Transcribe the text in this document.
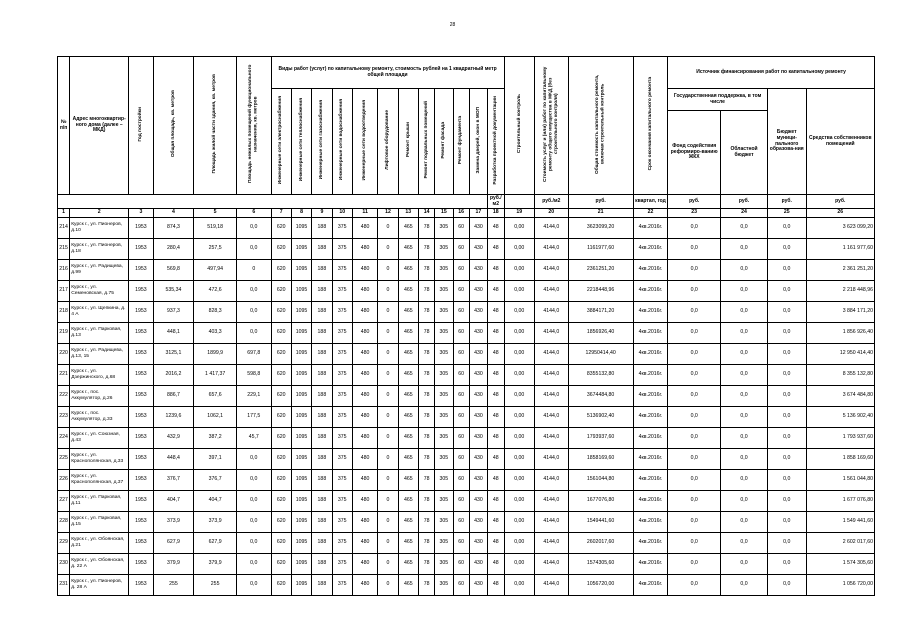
28
№ п/п	Адрес многоквартир-ного дома (далее – МКД)	Год постройки	Общая площадь, кв. метров	Площадь жилой части здания, кв. метров	Площадь нежилых помещений функционального назначения, кв. метров	Виды работ (услуг) по капитальному ремонту, стоимость рублей на 1 квадратный метр общей площади												Строительный контроль	Стоимость услуг и (или) работ по капитальному ремонту общего имущества в МКД (без строительного контроля)	Общая стоимость капитального ремонта, включая строительный контроль	Срок окончания капитального ремонта	Источник финансирования работ по капитальному ремонту			
						Инженерные сети электроснабжения	Инженерные сети теплоснабжения	Инженерные сети газоснабжения	Инженерные сети водоснабжения	Инженерные сети водоотведения	Лифтовое оборудование	Ремонт крыши	Ремонт подвальных помещений	Ремонт фасада	Ремонт фундамента	Замена дверей, окон в МОП	Разработка проектной документации					Государственная поддержка, в том числе		Бюджет муници-пального образова-ния	Средства собственников помещений
																						Фонд содействия реформиро-ванию ЖКХ	Областной бюджет		
																	руб./м2		руб./м2	руб.	квартал, год	руб.	руб.	руб.	руб.
1	2	3	4	5	6	7	8	9	10	11	12	13	14	15	16	17	18	19	20	21	22	23	24	25	26
214	Курск г., ул. Пионеров, д.10	1953	874,3	519,18	0,0	620	1095	188	375	480	0	465	78	305	60	430	48	0,00	4144,0	3623099,20	4кв.2016г.	0,0	0,0	0,0	3 623 099,20
215	Курск г., ул. Пионеров, д.18	1953	280,4	257,5	0,0	620	1095	188	375	480	0	465	78	305	60	430	48	0,00	4144,0	1161977,60	4кв.2016г.	0,0	0,0	0,0	1 161 977,60
216	Курск г., ул. Радищева, д.99	1953	569,8	497,94	0	620	1095	188	375	480	0	465	78	305	60	430	48	0,00	4144,0	2361251,20	4кв.2016г.	0,0	0,0	0,0	2 361 251,20
217	Курск г., ул. Семеновская, д.75	1953	535,34	472,6	0,0	620	1095	188	375	480	0	465	78	305	60	430	48	0,00	4144,0	2218448,96	4кв.2016г.	0,0	0,0	0,0	2 218 448,96
218	Курск г., ул. Щепкина, д. 4 А	1953	937,3	828,3	0,0	620	1095	188	375	480	0	465	78	305	60	430	48	0,00	4144,0	3884171,20	4кв.2016г.	0,0	0,0	0,0	3 884 171,20
219	Курск г., ул. Парковая, д.13	1953	448,1	403,3	0,0	620	1095	188	375	480	0	465	78	305	60	430	48	0,00	4144,0	1856926,40	4кв.2016г.	0,0	0,0	0,0	1 856 926,40
220	Курск г., ул. Радищева, д.13, 15	1953	3125,1	1899,9	697,8	620	1095	188	375	480	0	465	78	305	60	430	48	0,00	4144,0	12950414,40	4кв.2016г.	0,0	0,0	0,0	12 950 414,40
221	Курск г., ул. Дзержинского, д.68	1953	2016,2	1 417,37	598,8	620	1095	188	375	480	0	465	78	305	60	430	48	0,00	4144,0	8355132,80	4кв.2016г.	0,0	0,0	0,0	8 355 132,80
222	Курск г., пос. Аккумулятор, д.26	1953	886,7	657,6	229,1	620	1095	188	375	480	0	465	78	305	60	430	48	0,00	4144,0	3674484,80	4кв.2016г.	0,0	0,0	0,0	3 674 484,80
223	Курск г., пос. Аккумулятор, д.33	1953	1239,6	1062,1	177,5	620	1095	188	375	480	0	465	78	305	60	430	48	0,00	4144,0	5136902,40	4кв.2016г.	0,0	0,0	0,0	5 136 902,40
224	Курск г., ул. Союзная, д.43	1953	432,9	387,2	45,7	620	1095	188	375	480	0	465	78	305	60	430	48	0,00	4144,0	1793937,60	4кв.2016г.	0,0	0,0	0,0	1 793 937,60
225	Курск г., ул. Краснополянская, д.33	1953	448,4	397,1	0,0	620	1095	188	375	480	0	465	78	305	60	430	48	0,00	4144,0	1858169,60	4кв.2016г.	0,0	0,0	0,0	1 858 169,60
226	Курск г., ул. Краснополянская, д.37	1953	376,7	376,7	0,0	620	1095	188	375	480	0	465	78	305	60	430	48	0,00	4144,0	1561044,80	4кв.2016г.	0,0	0,0	0,0	1 561 044,80
227	Курск г., ул. Парковая, д.11	1953	404,7	404,7	0,0	620	1095	188	375	480	0	465	78	305	60	430	48	0,00	4144,0	1677076,80	4кв.2016г.	0,0	0,0	0,0	1 677 076,80
228	Курск г., ул. Парковая, д.15	1953	373,9	373,9	0,0	620	1095	188	375	480	0	465	78	305	60	430	48	0,00	4144,0	1549441,60	4кв.2016г.	0,0	0,0	0,0	1 549 441,60
229	Курск г., ул. Обоянская, д.21	1953	627,9	627,9	0,0	620	1095	188	375	480	0	465	78	305	60	430	48	0,00	4144,0	2602017,60	4кв.2016г.	0,0	0,0	0,0	2 602 017,60
230	Курск г., ул. Обоянская, д. 22 А	1953	379,9	379,9	0,0	620	1095	188	375	480	0	465	78	305	60	430	48	0,00	4144,0	1574305,60	4кв.2016г.	0,0	0,0	0,0	1 574 305,60
231	Курск г., ул. Пионеров, д. 28 А	1953	255	255	0,0	620	1095	188	375	480	0	465	78	305	60	430	48	0,00	4144,0	1056720,00	4кв.2016г.	0,0	0,0	0,0	1 056 720,00
